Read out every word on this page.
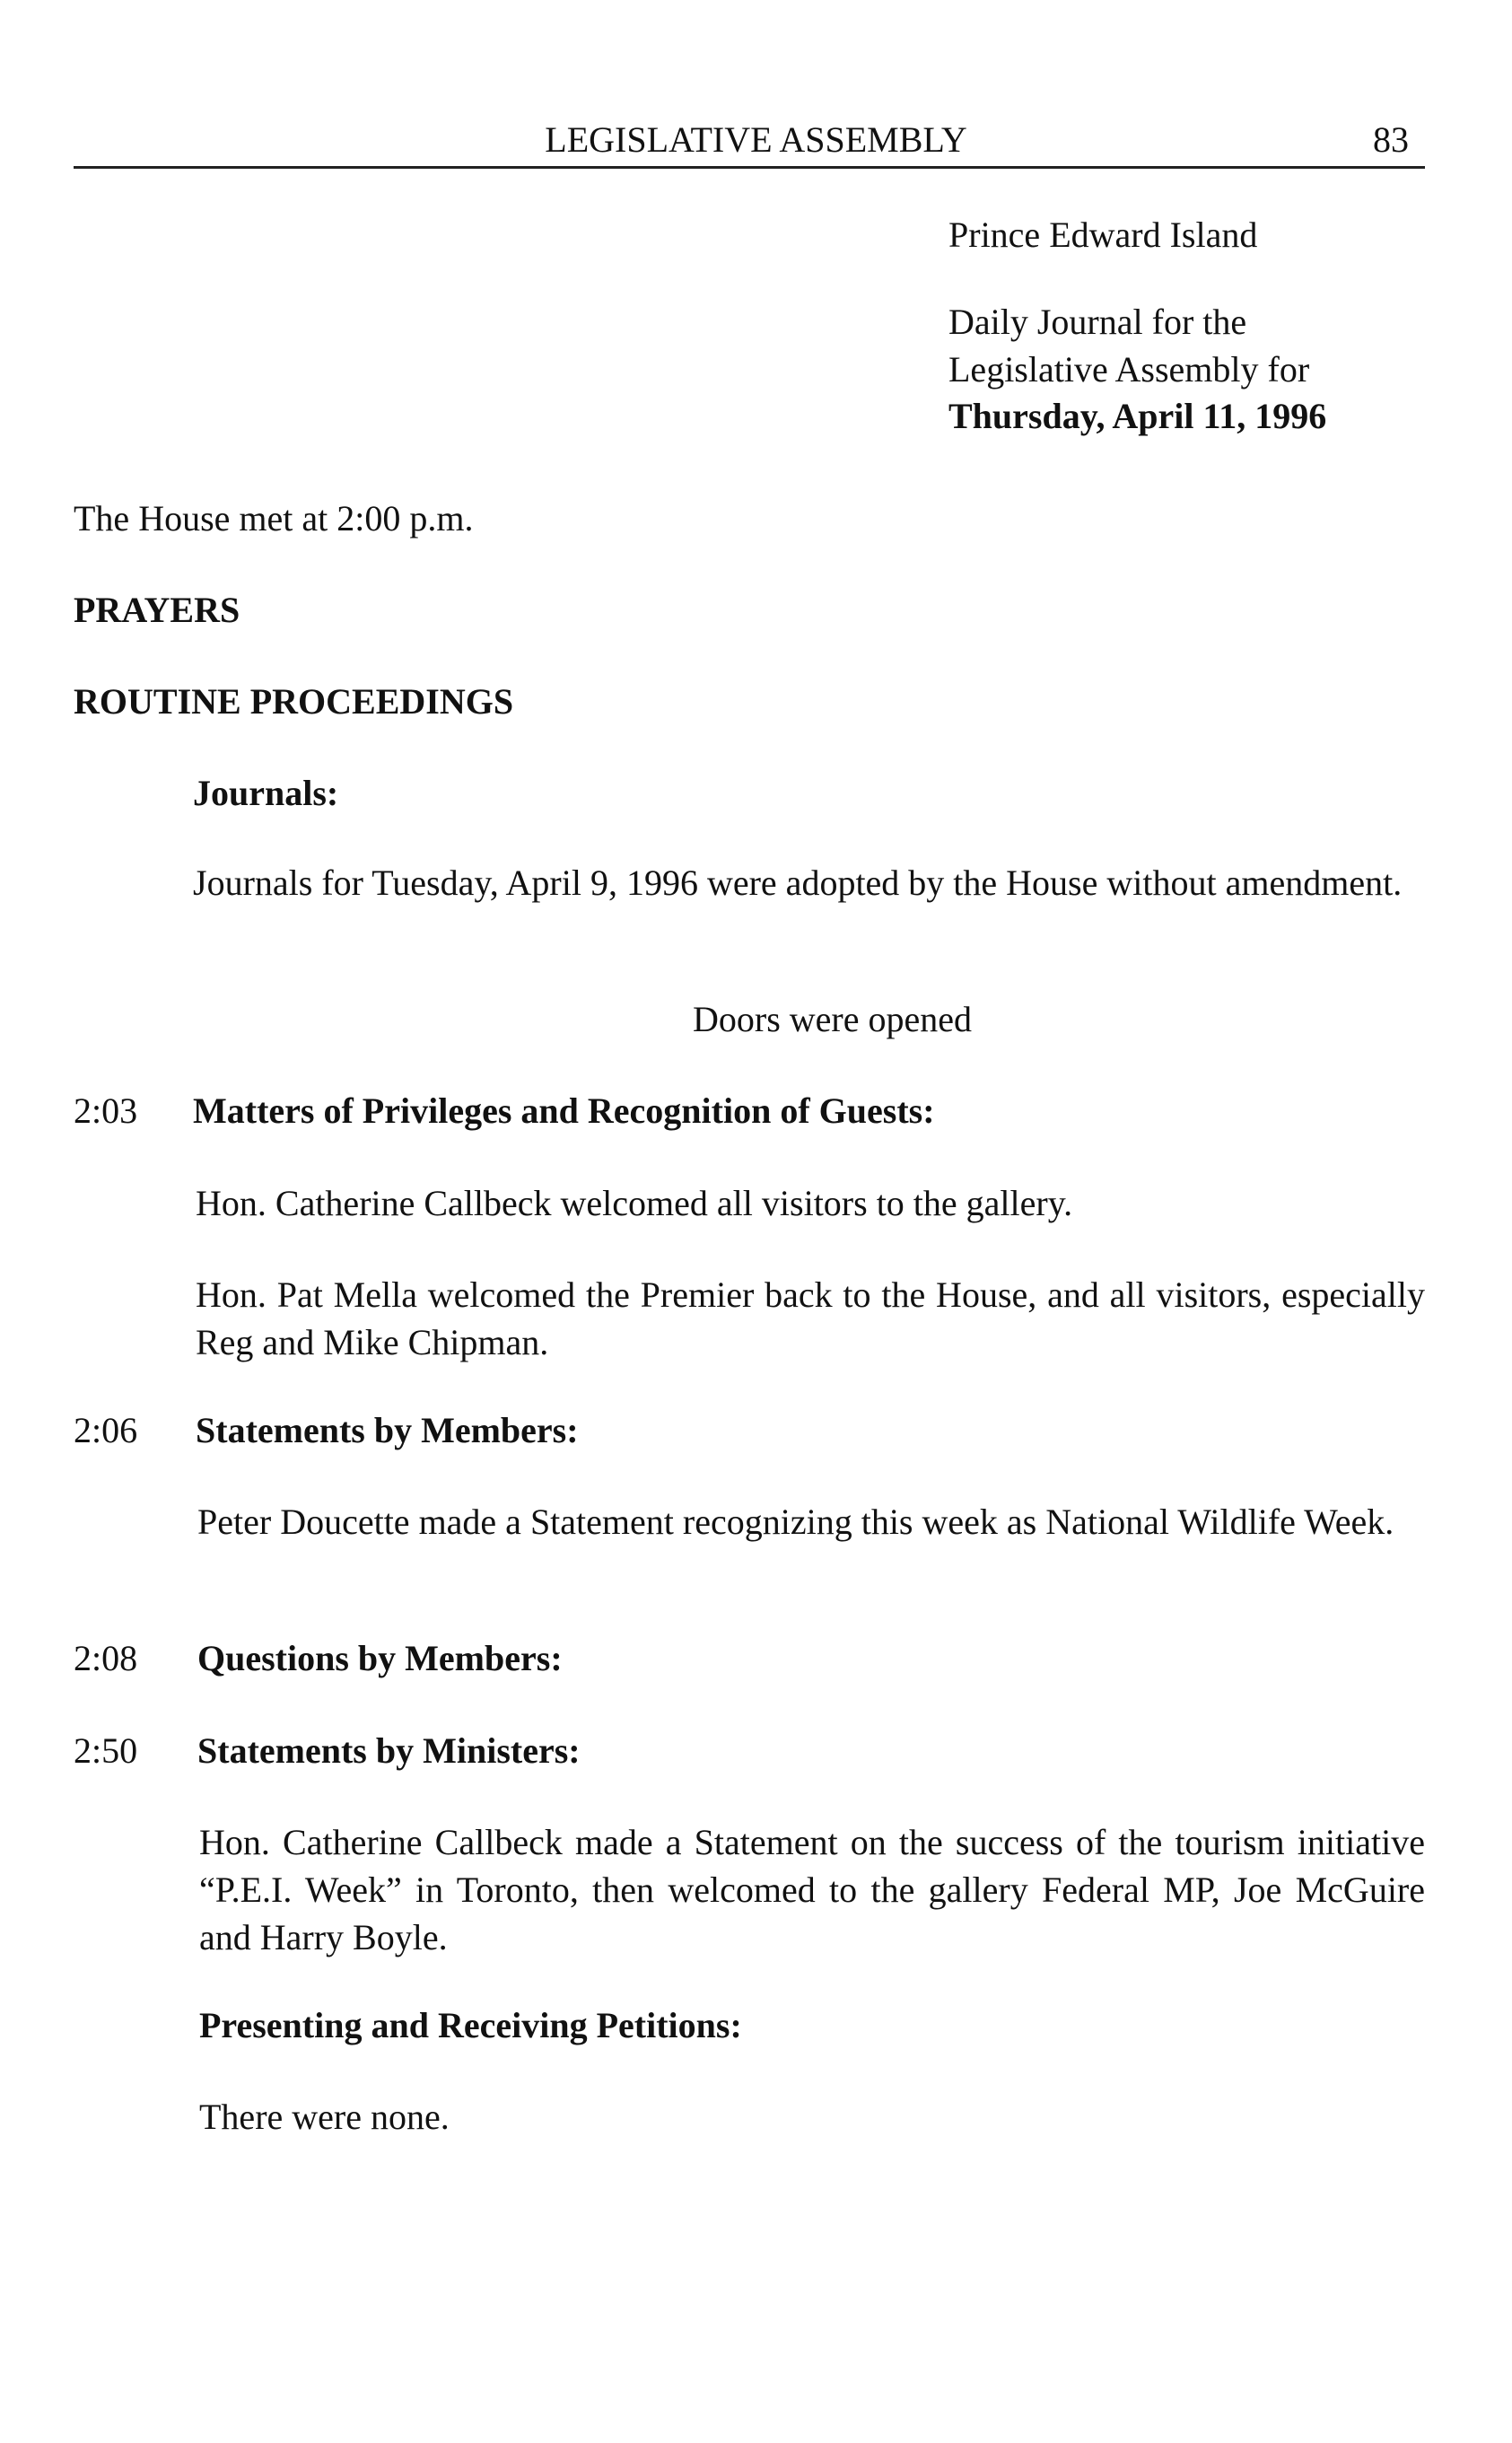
LEGISLATIVE ASSEMBLY	83
Prince Edward Island
Daily Journal for the
Legislative Assembly for
Thursday, April 11, 1996
The House met at 2:00 p.m.
PRAYERS
ROUTINE PROCEEDINGS
Journals:
Journals for Tuesday, April 9, 1996 were adopted by the House without amendment.
Doors were opened
2:03 Matters of Privileges and Recognition of Guests:
Hon. Catherine Callbeck welcomed all visitors to the gallery.
Hon. Pat Mella welcomed the Premier back to the House, and all visitors, especially Reg and Mike Chipman.
2:06 Statements by Members:
Peter Doucette made a Statement recognizing this week as National Wildlife Week.
2:08 Questions by Members:
2:50 Statements by Ministers:
Hon. Catherine Callbeck made a Statement on the success of the tourism initiative “P.E.I. Week” in Toronto, then welcomed to the gallery Federal MP, Joe McGuire and Harry Boyle.
Presenting and Receiving Petitions:
There were none.
